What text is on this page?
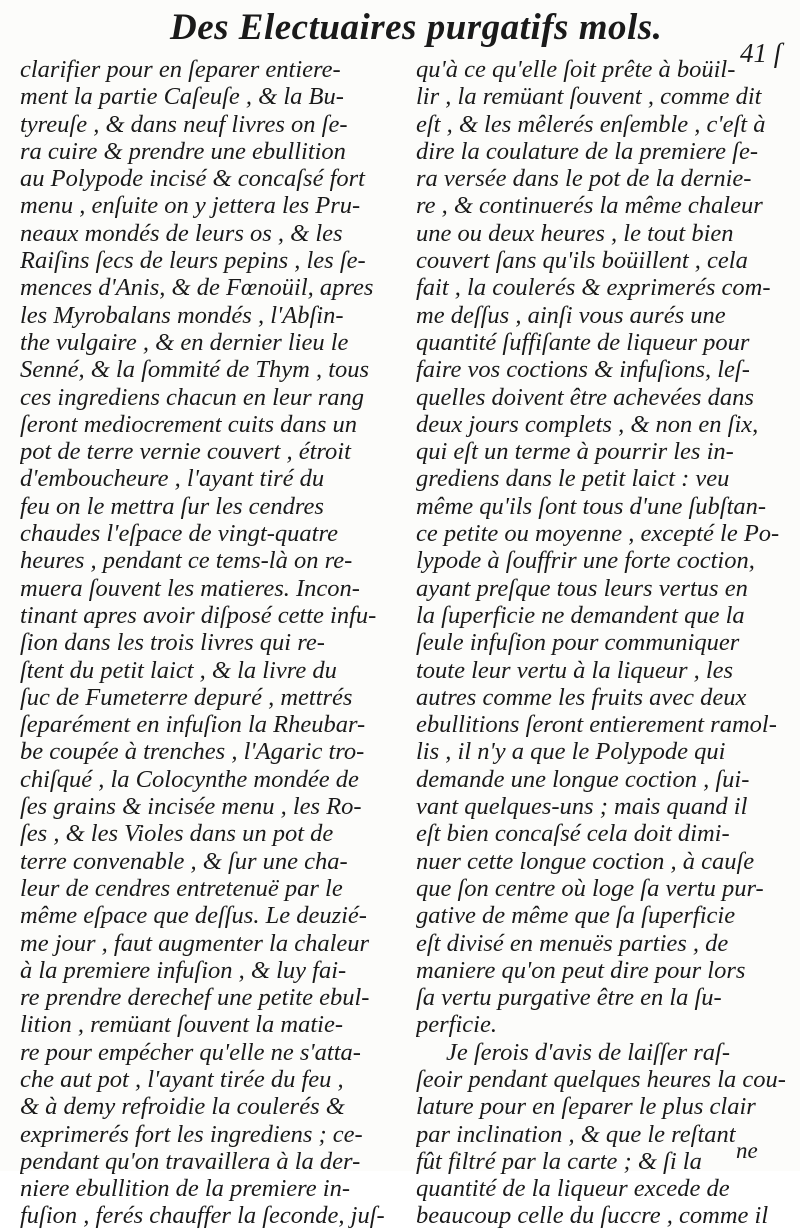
Des Electuaires purgatifs mols.
41 ſ
clarifier pour en ſeparer entiere-
ment la partie Caſeuſe , & la Bu-
tyreuſe , & dans neuf livres on ſe-
ra cuire & prendre une ebullition
au Polypode incisé & concaſsé fort
menu , enſuite on y jettera les Pru-
neaux mondés de leurs os , & les
Raiſins ſecs de leurs pepins , les ſe-
mences d'Anis, & de Fœnoüil, apres
les Myrobalans mondés , l'Abſin-
the vulgaire , & en dernier lieu le
Senné, & la ſommité de Thym , tous
ces ingrediens chacun en leur rang
ſeront mediocrement cuits dans un
pot de terre vernie couvert , étroit
d'emboucheure , l'ayant tiré du
feu on le mettra ſur les cendres
chaudes l'eſpace de vingt-quatre
heures , pendant ce tems-là on re-
muera ſouvent les matieres. Incon-
tinant apres avoir diſposé cette infu-
ſion dans les trois livres qui re-
ſtent du petit laict , & la livre du
ſuc de Fumeterre depuré , mettrés
ſeparément en infuſion la Rheubar-
be coupée à trenches , l'Agaric tro-
chiſqué , la Colocynthe mondée de
ſes grains & incisée menu , les Ro-
ſes , & les Violes dans un pot de
terre convenable , & ſur une cha-
leur de cendres entretenuë par le
même eſpace que deſſus. Le deuzié-
me jour , faut augmenter la chaleur
à la premiere infuſion , & luy fai-
re prendre derechef une petite ebul-
lition , remüant ſouvent la matie-
re pour empécher qu'elle ne s'atta-
che aut pot , l'ayant tirée du feu ,
& à demy refroidie la coulerés &
exprimerés fort les ingrediens ; ce-
pendant qu'on travaillera à la der-
niere ebullition de la premiere in-
fuſion , ferés chauffer la ſeconde, juſ-
qu'à ce qu'elle ſoit prête à boüil-
lir , la remüant ſouvent , comme dit
eſt , & les mêlerés enſemble , c'eſt à
dire la coulature de la premiere ſe-
ra versée dans le pot de la dernie-
re , & continuerés la même chaleur
une ou deux heures , le tout bien
couvert ſans qu'ils boüillent , cela
fait , la coulerés & exprimerés com-
me deſſus , ainſi vous aurés une
quantité ſuffiſante de liqueur pour
faire vos coctions & infuſions, leſ-
quelles doivent être achevées dans
deux jours complets , & non en ſix,
qui eſt un terme à pourrir les in-
grediens dans le petit laict : veu
même qu'ils ſont tous d'une ſubſtan-
ce petite ou moyenne , excepté le Po-
lypode à ſouffrir une forte coction,
ayant preſque tous leurs vertus en
la ſuperficie ne demandent que la
ſeule infuſion pour communiquer
toute leur vertu à la liqueur , les
autres comme les fruits avec deux
ebullitions ſeront entierement ramol-
lis , il n'y a que le Polypode qui
demande une longue coction , ſui-
vant quelques-uns ; mais quand il
eſt bien concaſsé cela doit dimi-
nuer cette longue coction , à cauſe
que ſon centre où loge ſa vertu pur-
gative de même que ſa ſuperficie
eſt divisé en menuës parties , de
maniere qu'on peut dire pour lors
ſa vertu purgative être en la ſu-
perficie.
Je ſerois d'avis de laiſſer raſ-
ſeoir pendant quelques heures la cou-
lature pour en ſeparer le plus clair
par inclination , & que le reſtant
fût filtré par la carte ; & ſi la
quantité de la liqueur excede de
beaucoup celle du ſuccre , comme il
ne
